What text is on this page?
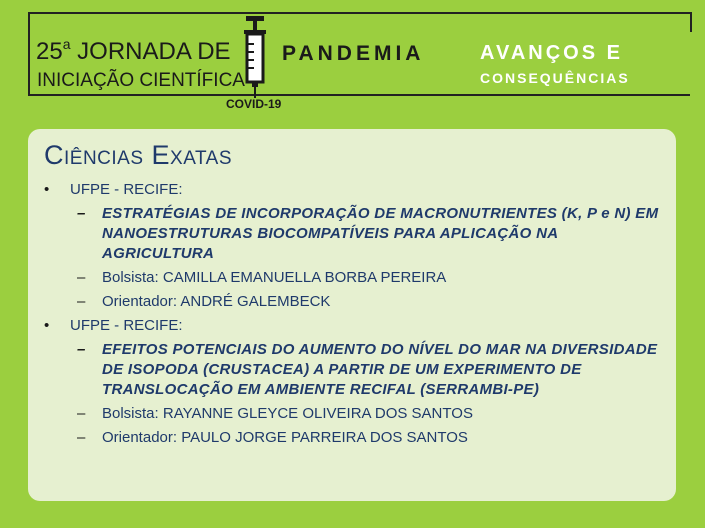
25$^a$ JORNADA DE
INICIAÇÃO CIENTÍFICA
COVID-19
PANDEMIA	AVANÇOS E
CONSEQUÊNCIAS
Ciências Exatas
• UFPE - RECIFE:
– ESTRATÉGIAS DE INCORPORAÇÃO DE MACRONUTRIENTES (K, P e N) EM NANOESTRUTURAS BIOCOMPATÍVEIS PARA APLICAÇÃO NA AGRICULTURA
– Bolsista: CAMILLA EMANUELLA BORBA PEREIRA
– Orientador: ANDRÉ GALEMBECK
• UFPE - RECIFE:
– EFEITOS POTENCIAIS DO AUMENTO DO NÍVEL DO MAR NA DIVERSIDADE DE ISOPODA (CRUSTACEA) A PARTIR DE UM EXPERIMENTO DE TRANSLOCAÇÃO EM AMBIENTE RECIFAL (SERRAMBI-PE)
– Bolsista: RAYANNE GLEYCE OLIVEIRA DOS SANTOS
– Orientador: PAULO JORGE PARREIRA DOS SANTOS
